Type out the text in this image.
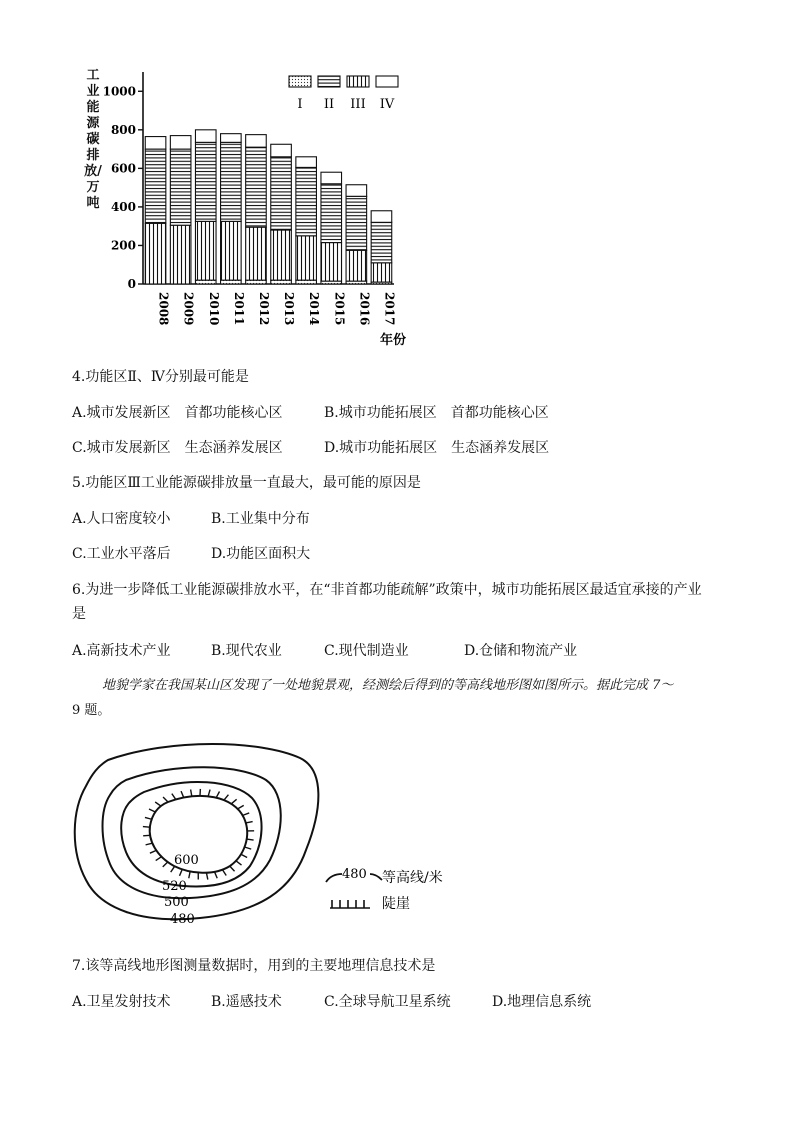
工业能源碳排放/万吨
0
200
400
600
800
1000
2008 2009 2010 2011 2012 2013 2014 2015 2016 2017
I II III IV
年份
4.功能区Ⅱ、Ⅳ分别最可能是
A.城市发展新区　首都功能核心区	B.城市功能拓展区　首都功能核心区
C.城市发展新区　生态涵养发展区	D.城市功能拓展区　生态涵养发展区
5.功能区Ⅲ工业能源碳排放量一直最大，最可能的原因是
A.人口密度较小	B.工业集中分布
C.工业水平落后	D.功能区面积大
6.为进一步降低工业能源碳排放水平，在“非首都功能疏解”政策中，城市功能拓展区最适宜承接的产业
是
A.高新技术产业	B.现代农业	C.现代制造业	D.仓储和物流产业
地貌学家在我国某山区发现了一处地貌景观，经测绘后得到的等高线地形图如图所示。据此完成 7～
9 题。
600
520
500
480
480 等高线/米
陡崖
7.该等高线地形图测量数据时，用到的主要地理信息技术是
A.卫星发射技术	B.遥感技术	C.全球导航卫星系统	D.地理信息系统
